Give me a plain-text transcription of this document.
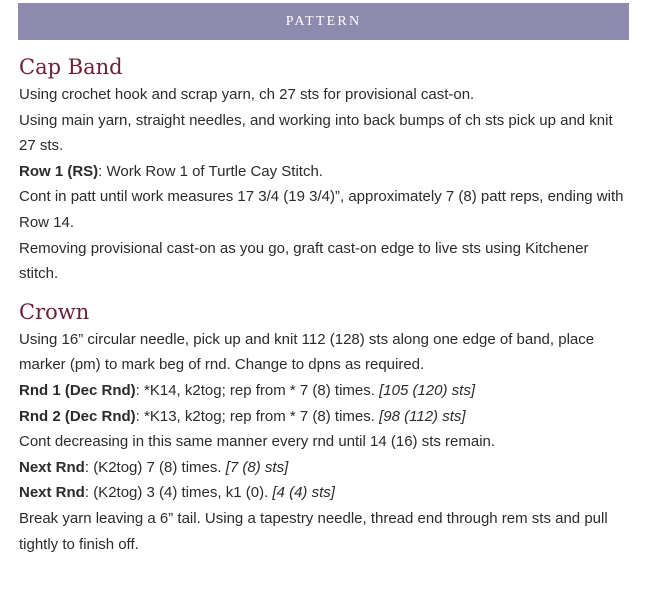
PATTERN
Cap Band

Using crochet hook and scrap yarn, ch 27 sts for provisional cast-on.

Using main yarn, straight needles, and working into back bumps of ch sts pick up and knit 27 sts.

Row 1 (RS): Work Row 1 of Turtle Cay Stitch.

Cont in patt until work measures 17 3/4 (19 3/4)”, approximately 7 (8) patt reps, ending with Row 14.

Removing provisional cast-on as you go, graft cast-on edge to live sts using Kitchener stitch.

Crown

Using 16” circular needle, pick up and knit 112 (128) sts along one edge of band, place marker (pm) to mark beg of rnd. Change to dpns as required.

Rnd 1 (Dec Rnd): *K14, k2tog; rep from * 7 (8) times. [105 (120) sts]

Rnd 2 (Dec Rnd): *K13, k2tog; rep from * 7 (8) times. [98 (112) sts]

Cont decreasing in this same manner every rnd until 14 (16) sts remain.

Next Rnd: (K2tog) 7 (8) times. [7 (8) sts]

Next Rnd: (K2tog) 3 (4) times, k1 (0). [4 (4) sts]

Break yarn leaving a 6” tail. Using a tapestry needle, thread end through rem sts and pull tightly to finish off.
